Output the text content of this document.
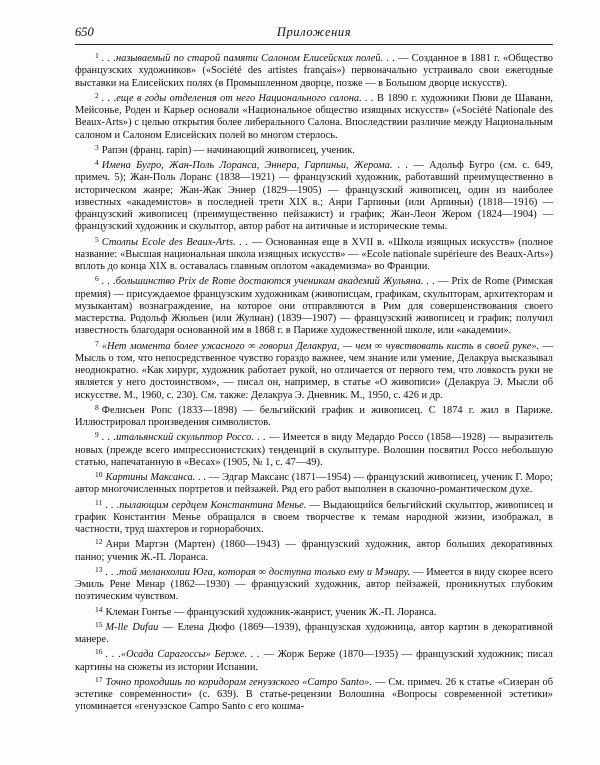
650	Приложения

$^1$ . . .называемый по старой памяти Салоном Елисейских полей. . . — Созданное в 1881 г. «Общество французских художников» («Société des artistes français») первоначально устраивало свои ежегодные выставки на Елисейских полях (в Промышленном дворце, позже — в Большом дворце искусств).

$^2$ . . .еще в годы отделения от него Национального салона. . . В 1890 г. художники Пюви де Шаванн, Мейсонье, Роден и Карьер основали «Национальное общество изящных искусств» («Société Nationale des Beaux-Arts») с целью открытия более либерального Салона. Впоследствии различие между Национальным салоном и Салоном Елисейских полей во многом стерлось.

$^3$ Рапэн (франц. rapin) — начинающий живописец, ученик.

$^4$ Имена Бугро, Жан-Поль Лоранса, Эннера, Гарпиньи, Жерома. . . — Адольф Бугро (см. с. 649, примеч. 5); Жан-Поль Лоранс (1838—1921) — французский художник, работавший преимущественно в историческом жанре; Жан-Жак Эннер (1829—1905) — французский живописец, один из наиболее известных «академистов» в последней трети XIX в.; Анри Гарпиньи (или Арпиньи) (1818—1916) — французский живописец (преимущественно пейзажист) и график; Жан-Леон Жером (1824—1904) — французский художник и скульптор, автор работ на античные и исторические темы.

$^5$ Столпы Ecole des Beaux-Arts. . . — Основанная еще в XVII в. «Школа изящных искусств» (полное название: «Высшая национальная школа изящных искусств» — «Ecole nationale supérieure des Beaux-Arts») вплоть до конца XIX в. оставалась главным оплотом «академизма» во Франции.

$^6$ . . .большинство Prix de Rome достаются ученикам академий Жульяна. . . — Prix de Rome (Римская премия) — присуждаемое французским художникам (живописцам, графикам, скульпторам, архитекторам и музыкантам) вознаграждение, на которое они отправляются в Рим для совершенствования своего мастерства. Родольф Жюльен (или Жулиан) (1839—1907) — французский живописец и график; получил известность благодаря основанной им в 1868 г. в Париже художественной школе, или «академии».

$^7$ «Нет момента более ужасного ∞ говорил Делакруа, — чем ∞ чувствовать кисть в своей руке». — Мысль о том, что непосредственное чувство гораздо важнее, чем знание или умение, Делакруа высказывал неоднократно. «Как хирург, художник работает рукой, но отличается от первого тем, что ловкость руки не является у него достоинством», — писал он, например, в статье «О живописи» (Делакруа Э. Мысли об искусстве. М., 1960, с. 230). См. также: Делакруа Э. Дневник. М., 1950, с. 426 и др.

$^8$ Фелисьен Ропс (1833—1898) — бельгийский график и живописец. С 1874 г. жил в Париже. Иллюстрировал произведения символистов.

$^9$ . . .итальянский скульптор Россо. . . — Имеется в виду Медардо Россо (1858—1928) — выразитель новых (прежде всего импрессионистских) тенденций в скульптуре. Волошин посвятил Россо небольшую статью, напечатанную в «Весах» (1905, № 1, с. 47—49).

$^{10}$ Картины Максанса. . . — Эдгар Максанс (1871—1954) — французский живописец, ученик Г. Моро; автор многочисленных портретов и пейзажей. Ряд его работ выполнен в сказочно-романтическом духе.

$^{11}$ . . .пылающим сердцем Константина Менье. — Выдающийся бельгийский скульптор, живописец и график Константин Менье обращался в своем творчестве к темам народной жизни, изображал, в частности, труд шахтеров и горнорабочих.

$^{12}$ Анри Мартэн (Мартен) (1860—1943) — французский художник, автор больших декоративных панно; ученик Ж.-П. Лоранса.

$^{13}$ . . .той меланхолии Юга, которая ∞ доступна только ему и Мэнару. — Имеется в виду скорее всего Эмиль Рене Менар (1862—1930) — французский художник, автор пейзажей, проникнутых глубоким поэтическим чувством.

$^{14}$ Клеман Гонтье — французский художник-жанрист, ученик Ж.-П. Лоранса.

$^{15}$ M-lle Dufau — Елена Дюфо (1869—1939), французская художница, автор картин в декоративной манере.

$^{16}$ . . .«Осада Сарагоссы» Берже. . . — Жорж Берже (1870—1935) — французский художник; писал картины на сюжеты из истории Испании.

$^{17}$ Точно проходишь по коридорам генуэзского «Campo Santo». — См. примеч. 26 к статье «Сизеран об эстетике современности» (с. 639). В статье-рецензии Волошина «Вопросы современной эстетики» упоминается «генуэзское Campo Santo с его кошма-
